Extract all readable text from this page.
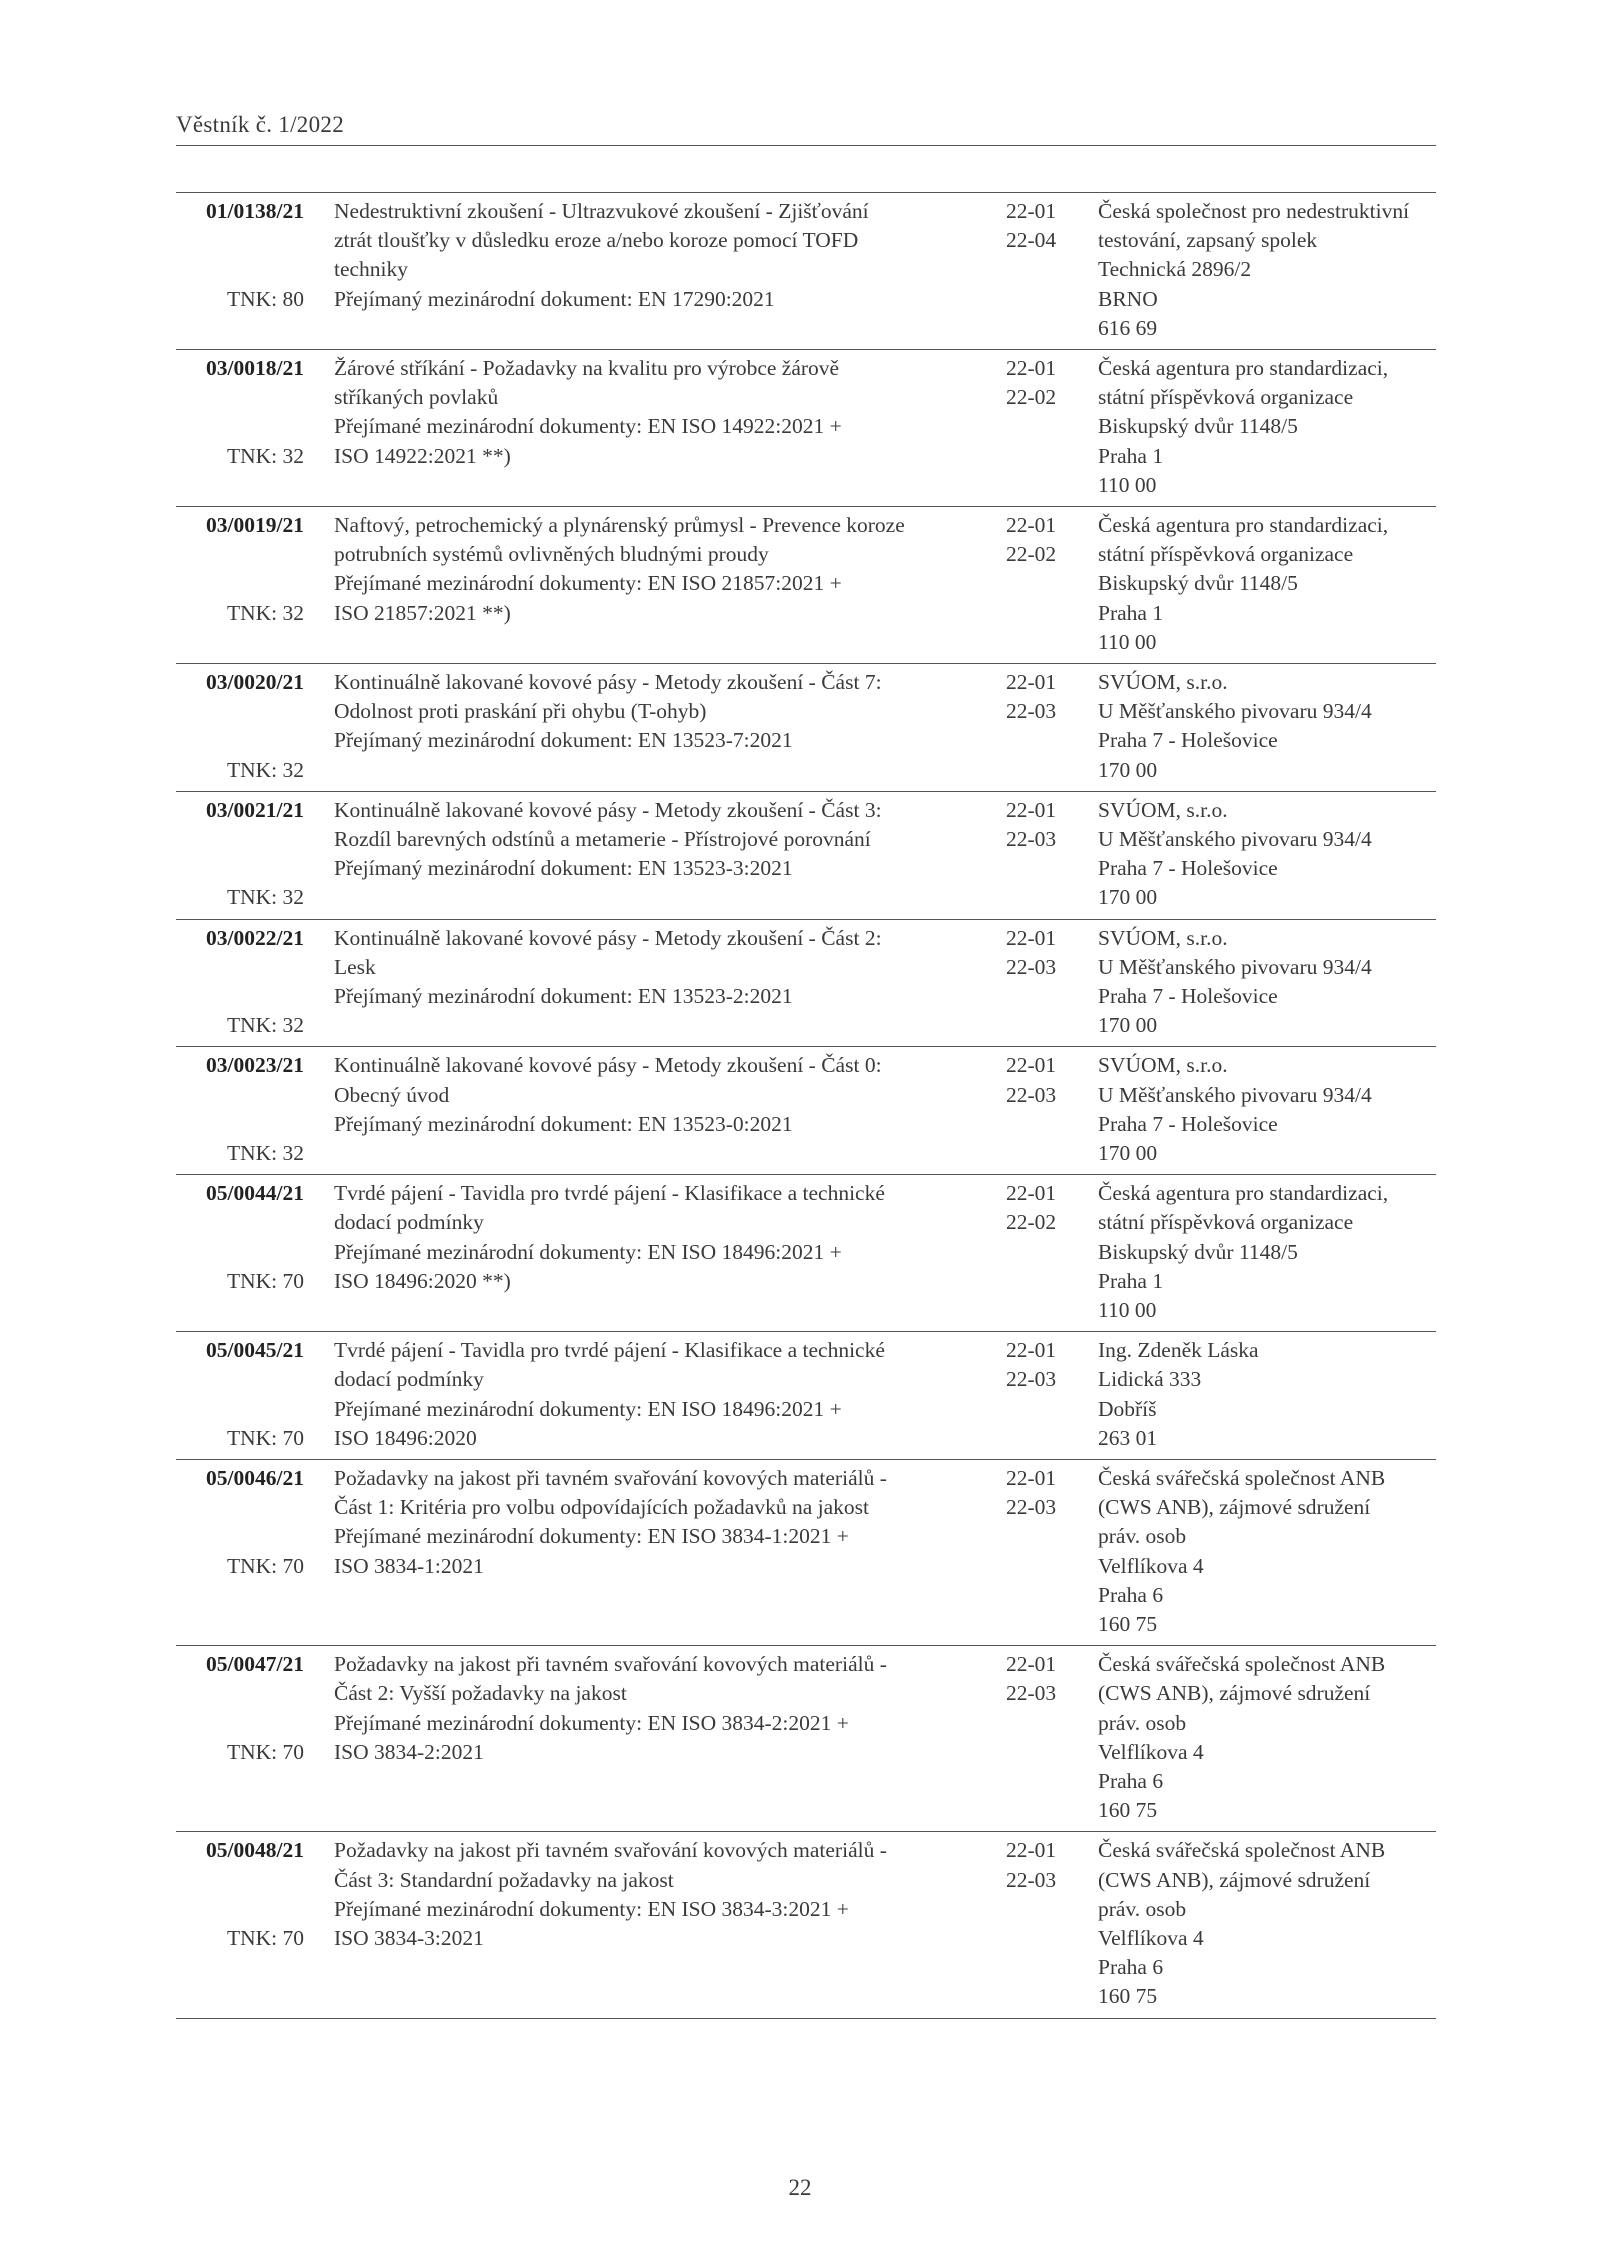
Věstník č. 1/2022
01/0138/21
TNK: 80
Nedestruktivní zkoušení - Ultrazvukové zkoušení - Zjišťování
ztrát tloušťky v důsledku eroze a/nebo koroze pomocí TOFD
techniky
Přejímaný mezinárodní dokument: EN 17290:2021
22-01
22-04
Česká společnost pro nedestruktivní
testování, zapsaný spolek
Technická 2896/2
BRNO
616 69
03/0018/21
TNK: 32
Žárové stříkání - Požadavky na kvalitu pro výrobce žárově
stříkaných povlaků
Přejímané mezinárodní dokumenty: EN ISO 14922:2021 +
ISO 14922:2021 **)
22-01
22-02
Česká agentura pro standardizaci,
státní příspěvková organizace
Biskupský dvůr 1148/5
Praha 1
110 00
03/0019/21
TNK: 32
Naftový, petrochemický a plynárenský průmysl - Prevence koroze
potrubních systémů ovlivněných bludnými proudy
Přejímané mezinárodní dokumenty: EN ISO 21857:2021 +
ISO 21857:2021 **)
22-01
22-02
Česká agentura pro standardizaci,
státní příspěvková organizace
Biskupský dvůr 1148/5
Praha 1
110 00
03/0020/21
TNK: 32
Kontinuálně lakované kovové pásy - Metody zkoušení - Část 7:
Odolnost proti praskání při ohybu (T-ohyb)
Přejímaný mezinárodní dokument: EN 13523-7:2021
22-01
22-03
SVÚOM, s.r.o.
U Měšťanského pivovaru 934/4
Praha 7 - Holešovice
170 00
03/0021/21
TNK: 32
Kontinuálně lakované kovové pásy - Metody zkoušení - Část 3:
Rozdíl barevných odstínů a metamerie - Přístrojové porovnání
Přejímaný mezinárodní dokument: EN 13523-3:2021
22-01
22-03
SVÚOM, s.r.o.
U Měšťanského pivovaru 934/4
Praha 7 - Holešovice
170 00
03/0022/21
TNK: 32
Kontinuálně lakované kovové pásy - Metody zkoušení - Část 2:
Lesk
Přejímaný mezinárodní dokument: EN 13523-2:2021
22-01
22-03
SVÚOM, s.r.o.
U Měšťanského pivovaru 934/4
Praha 7 - Holešovice
170 00
03/0023/21
TNK: 32
Kontinuálně lakované kovové pásy - Metody zkoušení - Část 0:
Obecný úvod
Přejímaný mezinárodní dokument: EN 13523-0:2021
22-01
22-03
SVÚOM, s.r.o.
U Měšťanského pivovaru 934/4
Praha 7 - Holešovice
170 00
05/0044/21
TNK: 70
Tvrdé pájení - Tavidla pro tvrdé pájení - Klasifikace a technické
dodací podmínky
Přejímané mezinárodní dokumenty: EN ISO 18496:2021 +
ISO 18496:2020 **)
22-01
22-02
Česká agentura pro standardizaci,
státní příspěvková organizace
Biskupský dvůr 1148/5
Praha 1
110 00
05/0045/21
TNK: 70
Tvrdé pájení - Tavidla pro tvrdé pájení - Klasifikace a technické
dodací podmínky
Přejímané mezinárodní dokumenty: EN ISO 18496:2021 +
ISO 18496:2020
22-01
22-03
Ing. Zdeněk Láska
Lidická 333
Dobříš
263 01
05/0046/21
TNK: 70
Požadavky na jakost při tavném svařování kovových materiálů -
Část 1: Kritéria pro volbu odpovídajících požadavků na jakost
Přejímané mezinárodní dokumenty: EN ISO 3834-1:2021 +
ISO 3834-1:2021
22-01
22-03
Česká svářečská společnost ANB
(CWS ANB), zájmové sdružení
práv. osob
Velflíkova 4
Praha 6
160 75
05/0047/21
TNK: 70
Požadavky na jakost při tavném svařování kovových materiálů -
Část 2: Vyšší požadavky na jakost
Přejímané mezinárodní dokumenty: EN ISO 3834-2:2021 +
ISO 3834-2:2021
22-01
22-03
Česká svářečská společnost ANB
(CWS ANB), zájmové sdružení
práv. osob
Velflíkova 4
Praha 6
160 75
05/0048/21
TNK: 70
Požadavky na jakost při tavném svařování kovových materiálů -
Část 3: Standardní požadavky na jakost
Přejímané mezinárodní dokumenty: EN ISO 3834-3:2021 +
ISO 3834-3:2021
22-01
22-03
Česká svářečská společnost ANB
(CWS ANB), zájmové sdružení
práv. osob
Velflíkova 4
Praha 6
160 75
22
